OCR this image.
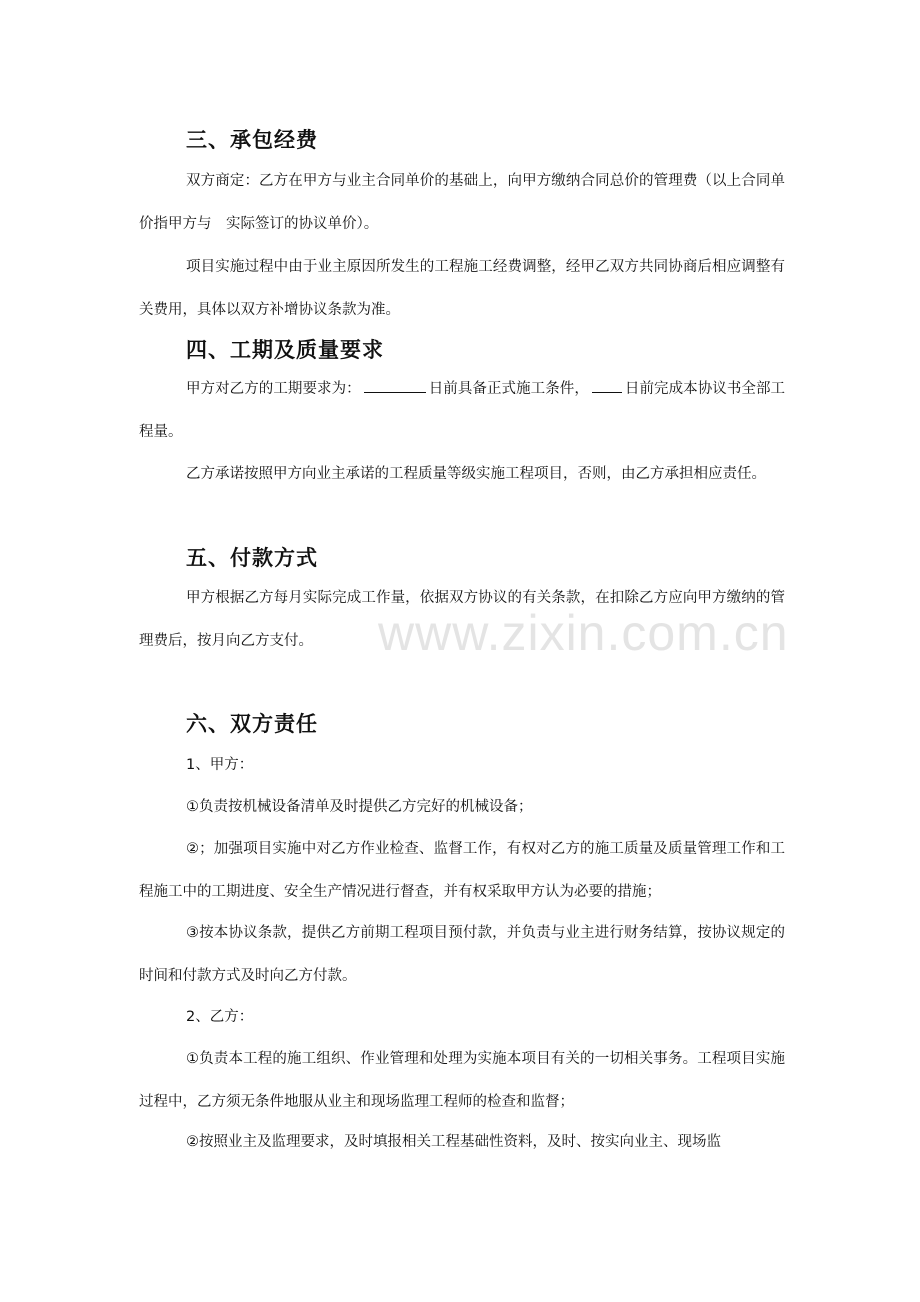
三、承包经费
双方商定：乙方在甲方与业主合同单价的基础上，向甲方缴纳合同总价的管理费（以上合同单价指甲方与　实际签订的协议单价）。
项目实施过程中由于业主原因所发生的工程施工经费调整，经甲乙双方共同协商后相应调整有关费用，具体以双方补增协议条款为准。
四、工期及质量要求
甲方对乙方的工期要求为：	日前具备正式施工条件， 日前完成本协议书全部工程量。
乙方承诺按照甲方向业主承诺的工程质量等级实施工程项目，否则，由乙方承担相应责任。
五、付款方式
甲方根据乙方每月实际完成工作量，依据双方协议的有关条款，在扣除乙方应向甲方缴纳的管理费后，按月向乙方支付。	www.zixin.com.cn
六、双方责任
1、甲方：
①负责按机械设备清单及时提供乙方完好的机械设备；
②；加强项目实施中对乙方作业检查、监督工作，有权对乙方的施工质量及质量管理工作和工程施工中的工期进度、安全生产情况进行督查，并有权采取甲方认为必要的措施；
③按本协议条款，提供乙方前期工程项目预付款，并负责与业主进行财务结算，按协议规定的时间和付款方式及时向乙方付款。
2、乙方：
①负责本工程的施工组织、作业管理和处理为实施本项目有关的一切相关事务。工程项目实施过程中，乙方须无条件地服从业主和现场监理工程师的检查和监督；
②按照业主及监理要求，及时填报相关工程基础性资料，及时、按实向业主、现场监
